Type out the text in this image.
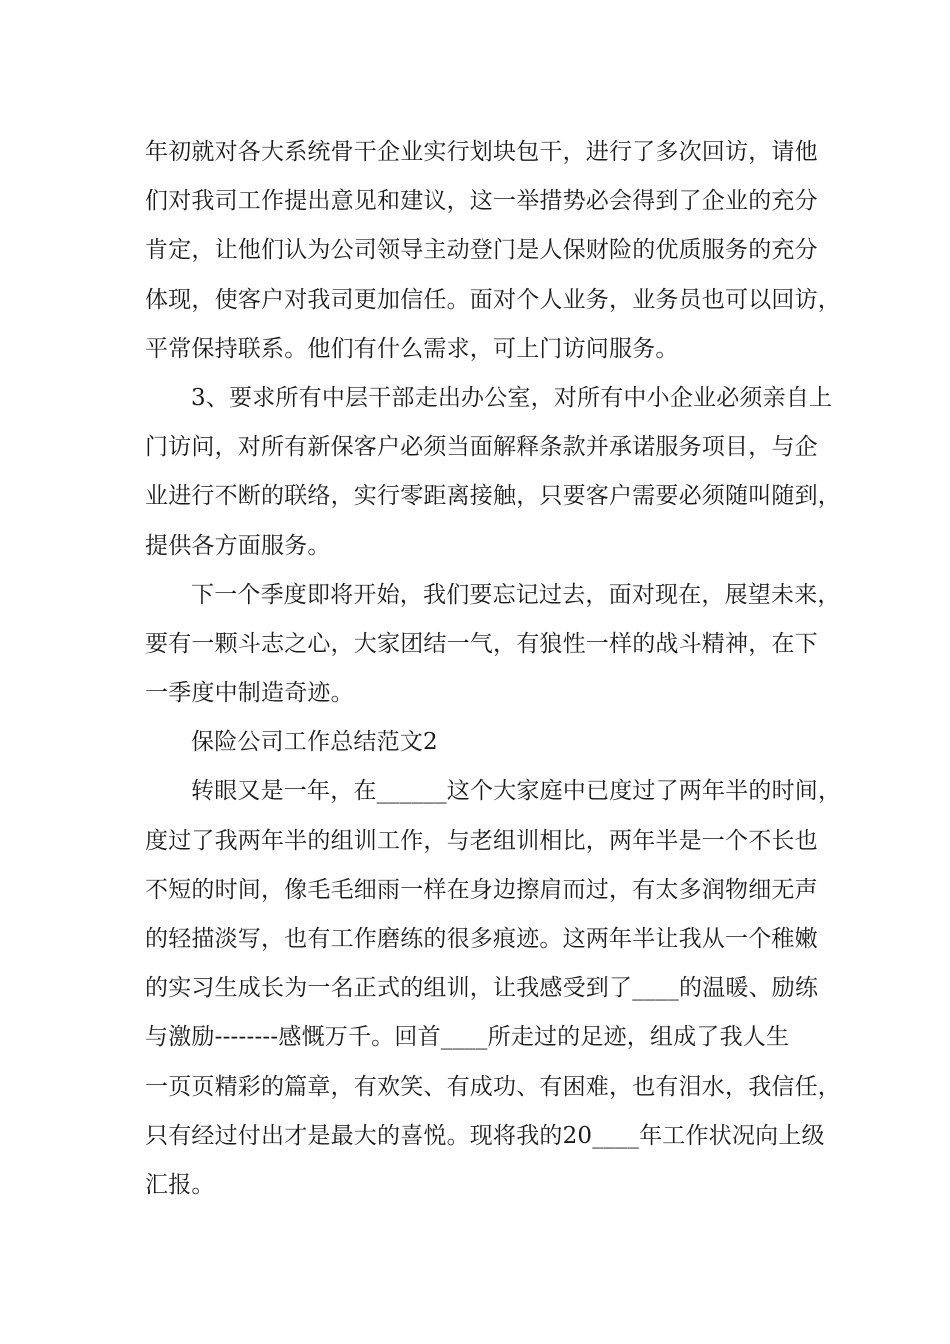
年初就对各大系统骨干企业实行划块包干，进行了多次回访，请他
们对我司工作提出意见和建议，这一举措势必会得到了企业的充分
肯定，让他们认为公司领导主动登门是人保财险的优质服务的充分
体现，使客户对我司更加信任。面对个人业务，业务员也可以回访，
平常保持联系。他们有什么需求，可上门访问服务。
3、要求所有中层干部走出办公室，对所有中小企业必须亲自上
门访问，对所有新保客户必须当面解释条款并承诺服务项目，与企
业进行不断的联络，实行零距离接触，只要客户需要必须随叫随到，
提供各方面服务。
下一个季度即将开始，我们要忘记过去，面对现在，展望未来，
要有一颗斗志之心，大家团结一气，有狼性一样的战斗精神，在下
一季度中制造奇迹。
保险公司工作总结范文2
转眼又是一年，在______这个大家庭中已度过了两年半的时间，
度过了我两年半的组训工作，与老组训相比，两年半是一个不长也
不短的时间，像毛毛细雨一样在身边擦肩而过，有太多润物细无声
的轻描淡写，也有工作磨练的很多痕迹。这两年半让我从一个稚嫩
的实习生成长为一名正式的组训，让我感受到了____的温暖、励练
与激励--------感慨万千。回首____所走过的足迹，组成了我人生
一页页精彩的篇章，有欢笑、有成功、有困难，也有泪水，我信任，
只有经过付出才是最大的喜悦。现将我的20____年工作状况向上级
汇报。
